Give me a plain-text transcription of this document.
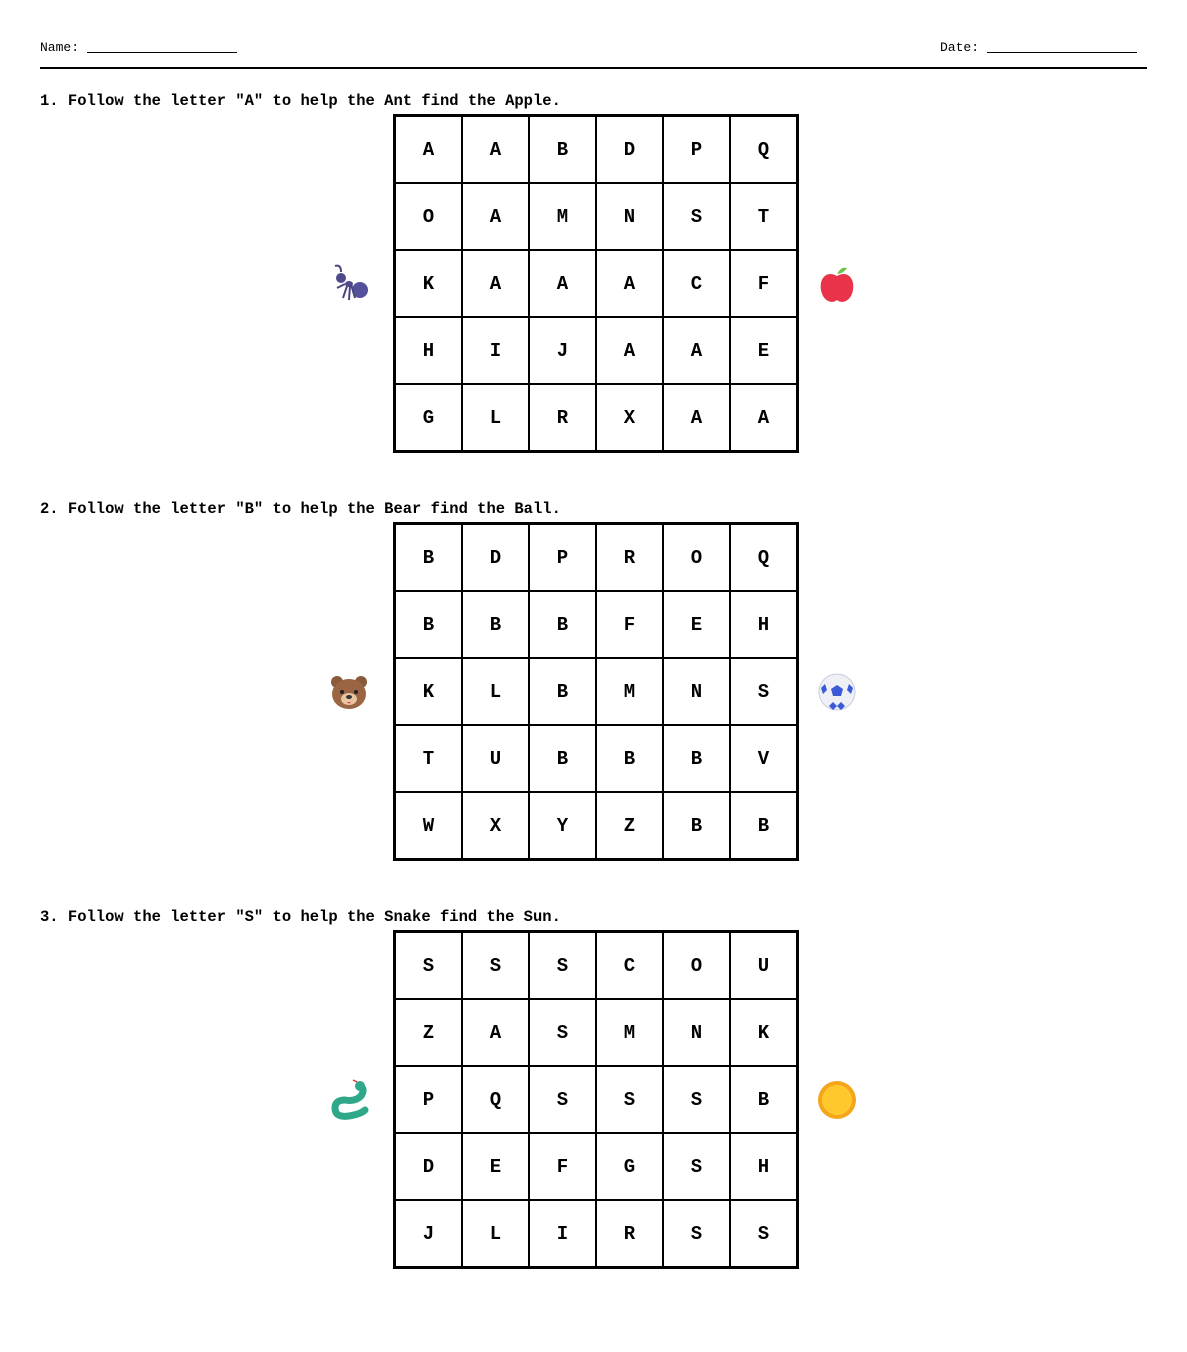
Name:	Date:
1. Follow the letter "A" to help the Ant find the Apple.
A	A	B	D	P	Q
O	A	M	N	S	T
K	A	A	A	C	F
H	I	J	A	A	E
G	L	R	X	A	A
2. Follow the letter "B" to help the Bear find the Ball.
B	D	P	R	O	Q
B	B	B	F	E	H
K	L	B	M	N	S
T	U	B	B	B	V
W	X	Y	Z	B	B
3. Follow the letter "S" to help the Snake find the Sun.
S	S	S	C	O	U
Z	A	S	M	N	K
P	Q	S	S	S	B
D	E	F	G	S	H
J	L	I	R	S	S
